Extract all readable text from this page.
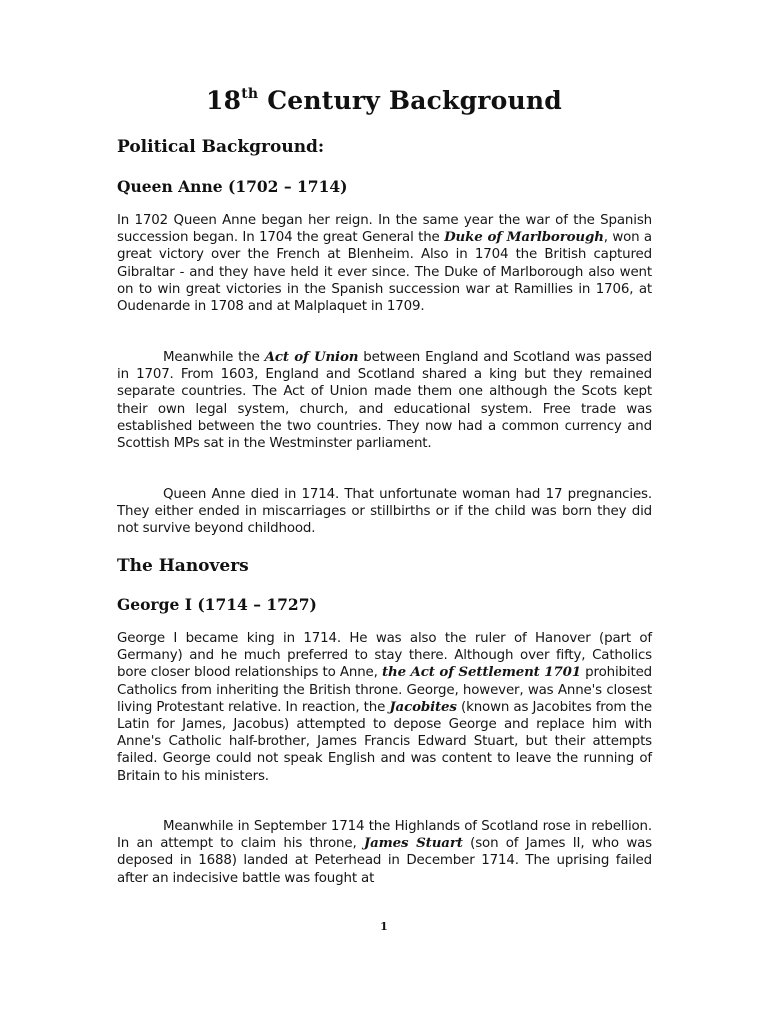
18th Century Background
Political Background:
Queen Anne (1702 – 1714)
In 1702 Queen Anne began her reign. In the same year the war of the Spanish succession began. In 1704 the great General the Duke of Marlborough, won a great victory over the French at Blenheim. Also in 1704 the British captured Gibraltar - and they have held it ever since. The Duke of Marlborough also went on to win great victories in the Spanish succession war at Ramillies in 1706, at Oudenarde in 1708 and at Malplaquet in 1709.
Meanwhile the Act of Union between England and Scotland was passed in 1707. From 1603, England and Scotland shared a king but they remained separate countries. The Act of Union made them one although the Scots kept their own legal system, church, and educational system. Free trade was established between the two countries. They now had a common currency and Scottish MPs sat in the Westminster parliament.
Queen Anne died in 1714. That unfortunate woman had 17 pregnancies. They either ended in miscarriages or stillbirths or if the child was born they did not survive beyond childhood.
The Hanovers
George I (1714 – 1727)
George I became king in 1714. He was also the ruler of Hanover (part of Germany) and he much preferred to stay there. Although over fifty, Catholics bore closer blood relationships to Anne, the Act of Settlement 1701 prohibited Catholics from inheriting the British throne. George, however, was Anne's closest living Protestant relative. In reaction, the Jacobites (known as Jacobites from the Latin for James, Jacobus) attempted to depose George and replace him with Anne's Catholic half-brother, James Francis Edward Stuart, but their attempts failed. George could not speak English and was content to leave the running of Britain to his ministers.
Meanwhile in September 1714 the Highlands of Scotland rose in rebellion. In an attempt to claim his throne, James Stuart (son of James II, who was deposed in 1688) landed at Peterhead in December 1714. The uprising failed after an indecisive battle was fought at
1
